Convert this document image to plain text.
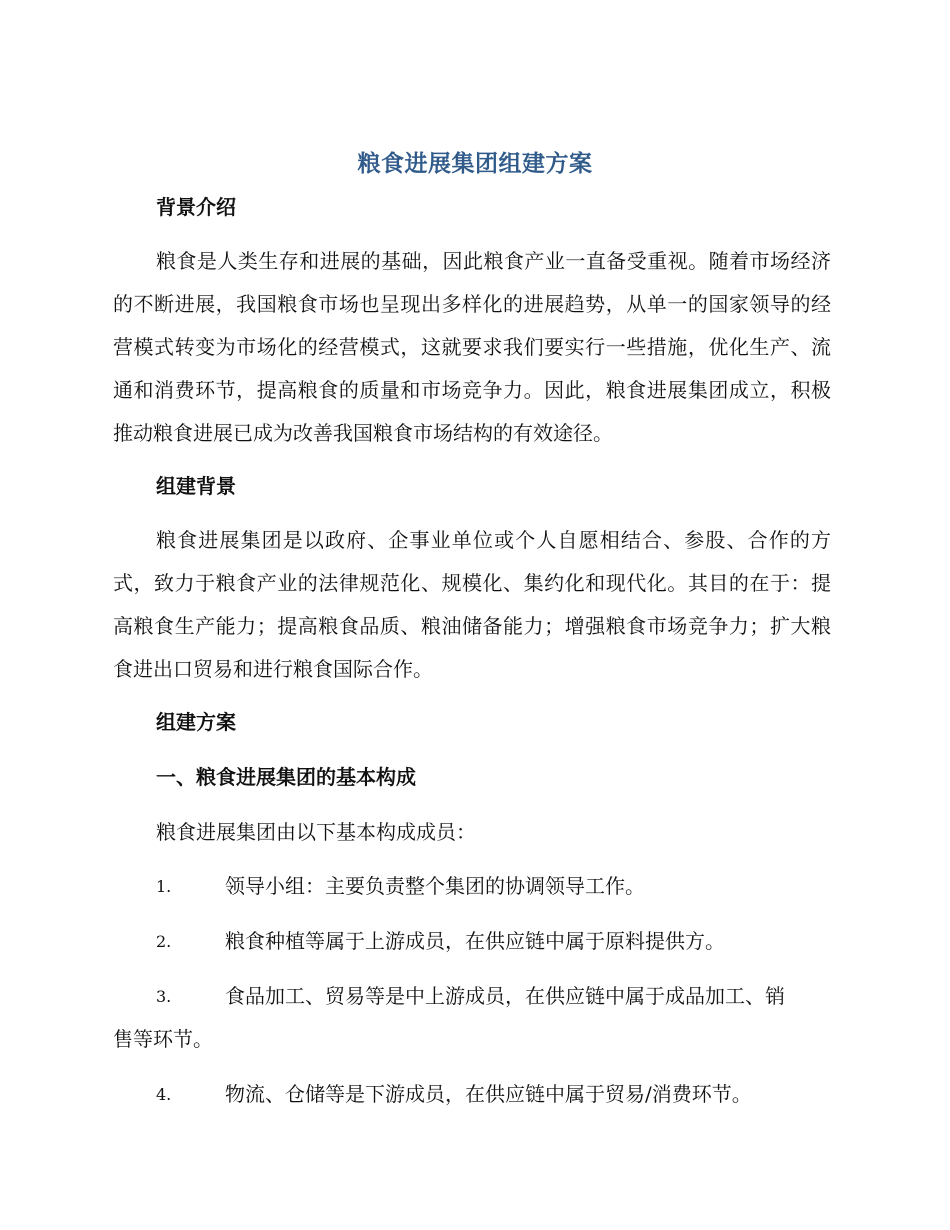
粮食进展集团组建方案
背景介绍

粮食是人类生存和进展的基础，因此粮食产业一直备受重视。随着市场经济的不断进展，我国粮食市场也呈现出多样化的进展趋势，从单一的国家领导的经营模式转变为市场化的经营模式，这就要求我们要实行一些措施，优化生产、流通和消费环节，提高粮食的质量和市场竞争力。因此，粮食进展集团成立，积极推动粮食进展已成为改善我国粮食市场结构的有效途径。

组建背景

粮食进展集团是以政府、企事业单位或个人自愿相结合、参股、合作的方式，致力于粮食产业的法律规范化、规模化、集约化和现代化。其目的在于：提高粮食生产能力；提高粮食品质、粮油储备能力；增强粮食市场竞争力；扩大粮食进出口贸易和进行粮食国际合作。

组建方案
一、粮食进展集团的基本构成

粮食进展集团由以下基本构成成员：

1.	领导小组：主要负责整个集团的协调领导工作。
2.	粮食种植等属于上游成员，在供应链中属于原料提供方。
3.	食品加工、贸易等是中上游成员，在供应链中属于成品加工、销
售等环节。
4.	物流、仓储等是下游成员，在供应链中属于贸易/消费环节。
